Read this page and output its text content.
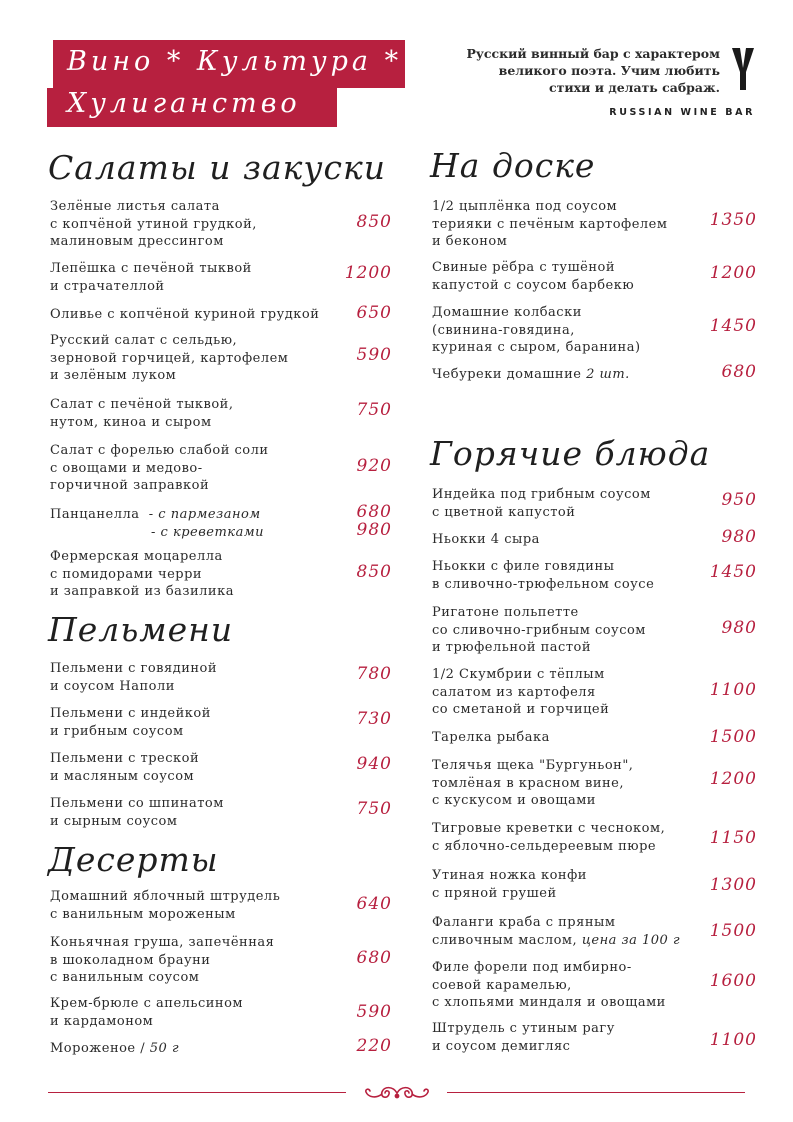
Вино * Культура *
Хулиганство
Русский винный бар с характером
великого поэта. Учим любить
стихи и делать сабраж.
RUSSIAN WINE BAR
Салаты и закуски
Пельмени
Десерты
На доске
Горячие блюда
Зелёные листья салата
с копчёной утиной грудкой,
малиновым дрессингом
850
Лепёшка с печёной тыквой
и страчателлой
1200
Оливье с копчёной куриной грудкой	650
Русский салат с сельдью,
зерновой горчицей, картофелем
и зелёным луком
590
Салат с печёной тыквой,
нутом, киноа и сыром
750
Салат с форелью слабой соли
с овощами и медово-
горчичной заправкой
920
Панцанелла - с пармезаном
- с креветками
680
980
Фермерская моцарелла
с помидорами черри
и заправкой из базилика
850
Пельмени с говядиной
и соусом Наполи
780
Пельмени с индейкой
и грибным соусом
730
Пельмени с треской
и масляным соусом
940
Пельмени со шпинатом
и сырным соусом
750
Домашний яблочный штрудель
с ванильным мороженым
640
Коньячная груша, запечённая
в шоколадном брауни
с ванильным соусом
680
Крем-брюле с апельсином
и кардамоном	590
Мороженое / 50 г	220
1/2 цыплёнка под соусом
терияки с печёным картофелем
и беконом
1350
Свиные рёбра с тушёной
капустой с соусом барбекю
1200
Домашние колбаски
(свинина-говядина,
куриная с сыром, баранина)
1450
Чебуреки домашние 2 шт.	680
Индейка под грибным соусом
с цветной капустой
950
Ньокки 4 сыра	980
Ньокки с филе говядины
в сливочно-трюфельном соусе
1450
Ригатоне польпетте
со сливочно-грибным соусом
и трюфельной пастой
980
1/2 Скумбрии с тёплым
салатом из картофеля
со сметаной и горчицей
1100
Тарелка рыбака	1500
Телячья щека "Бургуньон",
томлёная в красном вине,
с кускусом и овощами
1200
Тигровые креветки с чесноком,
с яблочно-сельдереевым пюре	1150
Утиная ножка конфи
с пряной грушей	1300
Фаланги краба с пряным
сливочным маслом, цена за 100 г	1500
Филе форели под имбирно-
соевой карамелью,
с хлопьями миндаля и овощами
1600
Штрудель с утиным рагу
и соусом демигляс	1100
